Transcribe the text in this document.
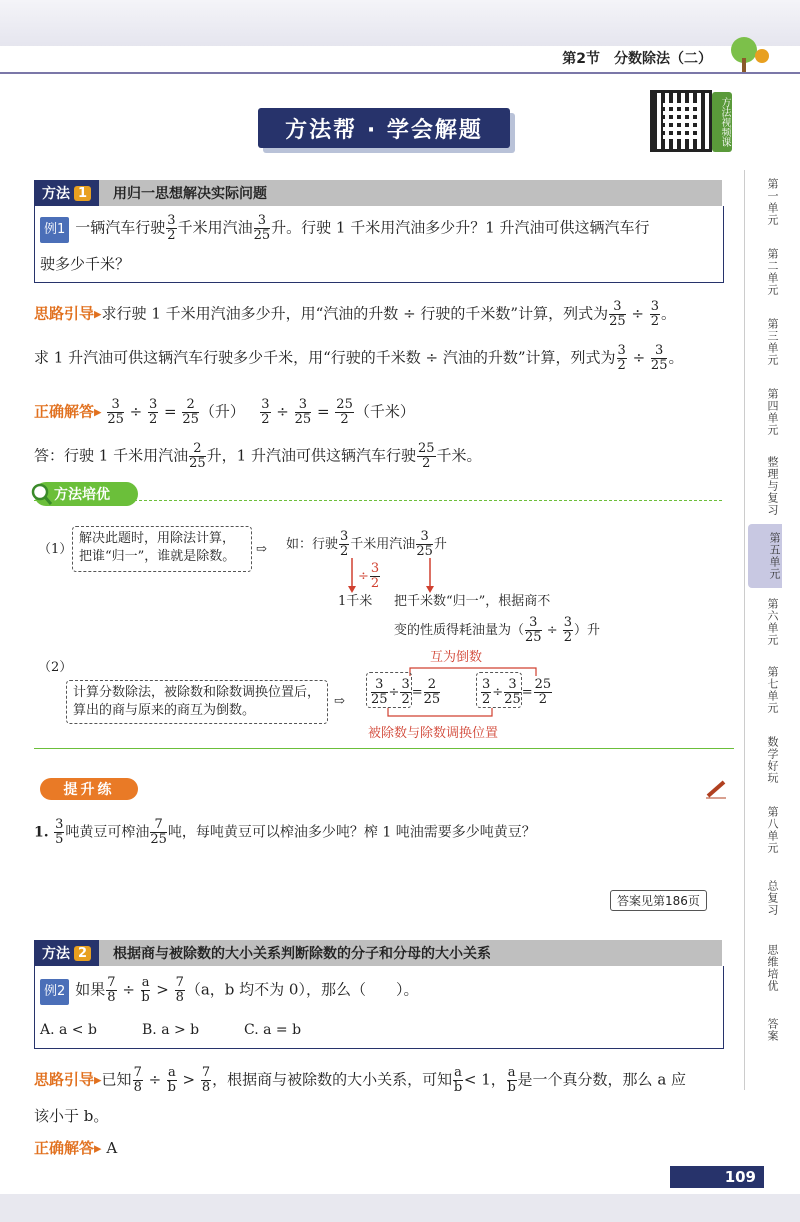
第2节　分数除法（二）
方法帮 · 学会解题	方法视频课
第一单元
第二单元
第三单元
第四单元
整理与复习
第五单元
第六单元
第七单元
数学好玩
第八单元
总复习
思维培优
答案
方法 1 用归一思想解决实际问题
例1 一辆汽车行驶 $\frac{3}{2}$ 千米用汽油 $\frac{3}{25}$ 升。行驶 1 千米用汽油多少升？1 升汽油可供这辆汽车行
驶多少千米？
思路引导▸求行驶 1 千米用汽油多少升，用“汽油的升数 ÷ 行驶的千米数”计算，列式为 $\frac{3}{25} \div \frac{3}{2}$ 。
求 1 升汽油可供这辆汽车行驶多少千米，用“行驶的千米数 ÷ 汽油的升数”计算，列式为 $\frac{3}{2} \div \frac{3}{25}$ 。
正确解答▸ $\frac{3}{25} \div \frac{3}{2} = \frac{2}{25}$ （升） $\frac{3}{2} \div \frac{3}{25} = \frac{25}{2}$ （千米）
答：行驶 1 千米用汽油 $\frac{2}{25}$ 升，1 升汽油可供这辆汽车行驶 $\frac{25}{2}$ 千米。
方法培优
（1）
解决此题时，用除法计算，把谁“归一”，谁就是除数。	⇨ 如：行驶 $\frac{3}{2}$ 千米用汽油 $\frac{3}{25}$ 升
÷ $\frac{3}{2}$
1千米 把千米数“归一”，根据商不
变的性质得耗油量为（ $\frac{3}{25} \div \frac{3}{2}$ ）升
（2）
计算分数除法，被除数和除数调换位置后，算出的商与原来的商互为倒数。
⇨
互为倒数
$\frac{3}{25} \div \frac{3}{2} = \frac{2}{25}$	$\frac{3}{2} \div \frac{3}{25} = \frac{25}{2}$
被除数与除数调换位置
提升练
1. $\frac{3}{5}$ 吨黄豆可榨油 $\frac{7}{25}$ 吨，每吨黄豆可以榨油多少吨？榨 1 吨油需要多少吨黄豆？
答案见第186页
方法 2 根据商与被除数的大小关系判断除数的分子和分母的大小关系
例2 如果 $\frac{7}{8} \div \frac{a}{b} > \frac{7}{8} (a$，b 均不为 0），那么（　　）。
A. a < b	B. a > b	C. a = b
思路引导▸已知 $\frac{7}{8} \div \frac{a}{b} > \frac{7}{8}$ ，根据商与被除数的大小关系，可知 $\frac{a}{b} < 1$， $\frac{a}{b}$ 是一个真分数，那么 a 应
该小于 b。
正确解答▸ A
109
